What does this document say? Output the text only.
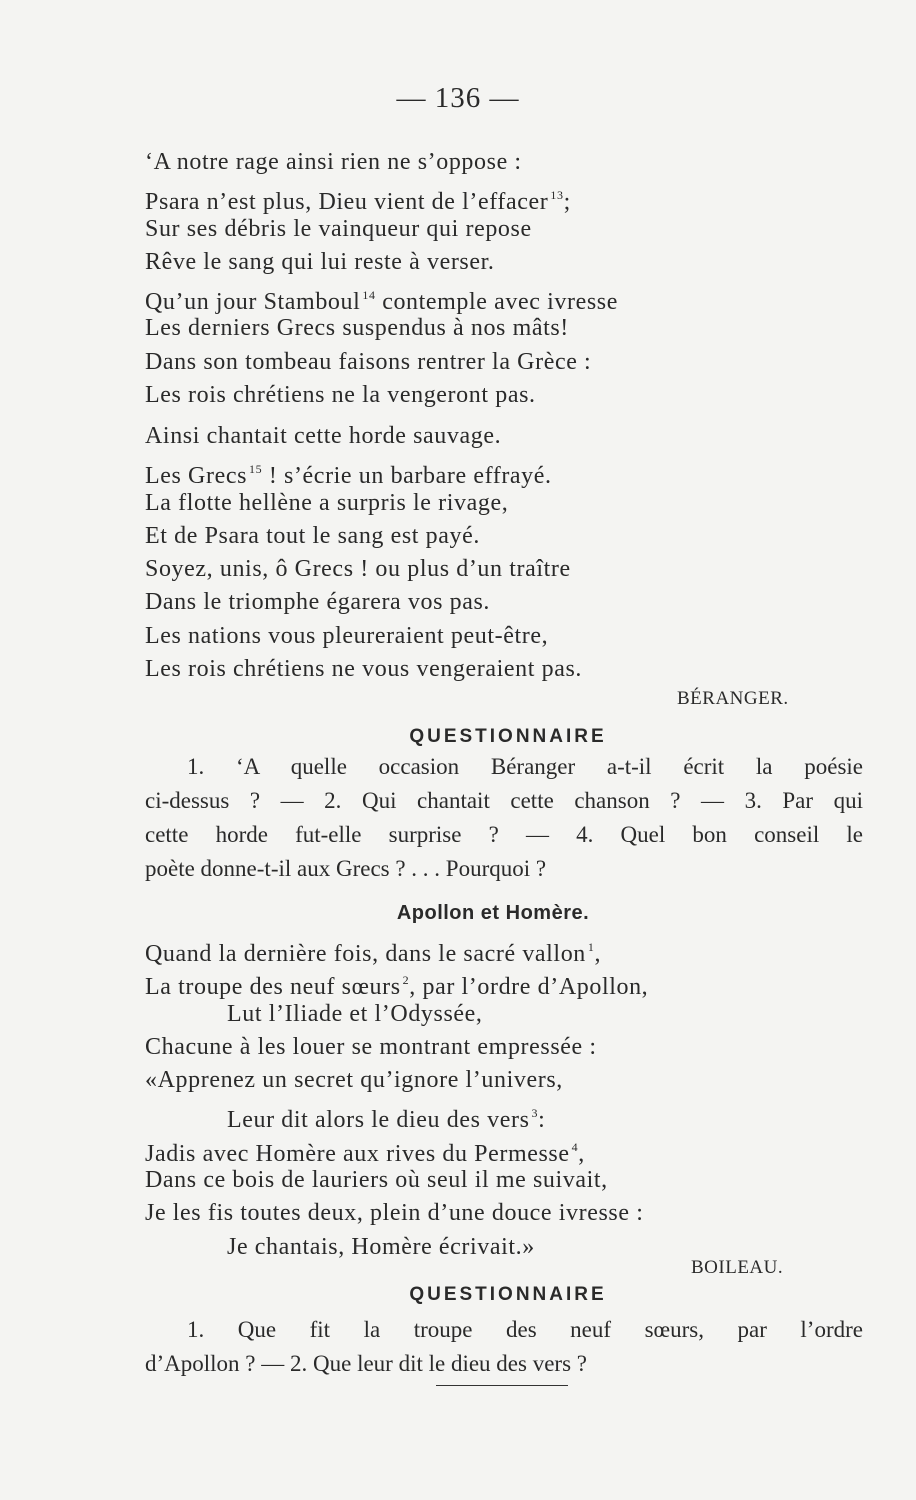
— 136 —
‘A notre rage ainsi rien ne s’oppose :
Psara n’est plus, Dieu vient de l’effacer $^{13}$;
Sur ses débris le vainqueur qui repose
Rêve le sang qui lui reste à verser.
Qu’un jour Stamboul $^{14}$ contemple avec ivresse
Les derniers Grecs suspendus à nos mâts!
Dans son tombeau faisons rentrer la Grèce :
Les rois chrétiens ne la vengeront pas.
Ainsi chantait cette horde sauvage.
Les Grecs $^{15}$ ! s’écrie un barbare effrayé.
La flotte hellène a surpris le rivage,
Et de Psara tout le sang est payé.
Soyez, unis, ô Grecs ! ou plus d’un traître
Dans le triomphe égarera vos pas.
Les nations vous pleureraient peut-être,
Les rois chrétiens ne vous vengeraient pas.
BÉRANGER.
QUESTIONNAIRE
1. ‘A quelle occasion Béranger a-t-il écrit la poésie
ci-dessus ? — 2. Qui chantait cette chanson ? — 3. Par qui
cette horde fut-elle surprise ? — 4. Quel bon conseil le
poète donne-t-il aux Grecs ? . . . Pourquoi ?
Apollon et Homère.
Quand la dernière fois, dans le sacré vallon $^1$,
La troupe des neuf sœurs $^2$, par l’ordre d’Apollon,
Lut l’Iliade et l’Odyssée,
Chacune à les louer se montrant empressée :
«Apprenez un secret qu’ignore l’univers,
Leur dit alors le dieu des vers $^3$:
Jadis avec Homère aux rives du Permesse $^4$,
Dans ce bois de lauriers où seul il me suivait,
Je les fis toutes deux, plein d’une douce ivresse :
Je chantais, Homère écrivait.»
BOILEAU.
QUESTIONNAIRE
1. Que fit la troupe des neuf sœurs, par l’ordre
d’Apollon ? — 2. Que leur dit le dieu des vers ?
